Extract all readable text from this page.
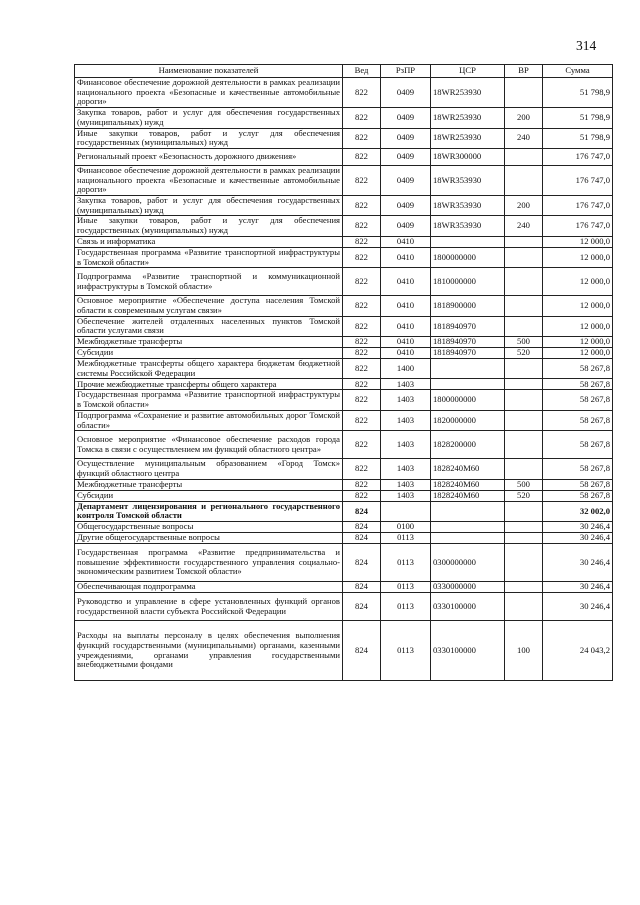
314
Наименование показателей	Вед	РзПР	ЦСР	ВР	Сумма
Финансовое обеспечение дорожной деятельности в рамках реализации национального проекта «Безопасные и качественные автомобильные дороги»	822	0409	18WR253930		51 798,9
Закупка товаров, работ и услуг для обеспечения государственных (муниципальных) нужд	822	0409	18WR253930	200	51 798,9
Иные закупки товаров, работ и услуг для обеспечения государственных (муниципальных) нужд	822	0409	18WR253930	240	51 798,9
Региональный проект «Безопасность дорожного движения»	822	0409	18WR300000		176 747,0
Финансовое обеспечение дорожной деятельности в рамках реализации национального проекта «Безопасные и качественные автомобильные дороги»	822	0409	18WR353930		176 747,0
Закупка товаров, работ и услуг для обеспечения государственных (муниципальных) нужд	822	0409	18WR353930	200	176 747,0
Иные закупки товаров, работ и услуг для обеспечения государственных (муниципальных) нужд	822	0409	18WR353930	240	176 747,0
Связь и информатика	822	0410			12 000,0
Государственная программа «Развитие транспортной инфраструктуры в Томской области»	822	0410	1800000000		12 000,0
Подпрограмма «Развитие транспортной и коммуникационной инфраструктуры в Томской области»	822	0410	1810000000		12 000,0
Основное мероприятие «Обеспечение доступа населения Томской области к современным услугам связи»	822	0410	1818900000		12 000,0
Обеспечение жителей отдаленных населенных пунктов Томской области услугами связи	822	0410	1818940970		12 000,0
Межбюджетные трансферты	822	0410	1818940970	500	12 000,0
Субсидии	822	0410	1818940970	520	12 000,0
Межбюджетные трансферты общего характера бюджетам бюджетной системы Российской Федерации	822	1400			58 267,8
Прочие межбюджетные трансферты общего характера	822	1403			58 267,8
Государственная программа «Развитие транспортной инфраструктуры в Томской области»	822	1403	1800000000		58 267,8
Подпрограмма «Сохранение и развитие автомобильных дорог Томской области»	822	1403	1820000000		58 267,8
Основное мероприятие «Финансовое обеспечение расходов города Томска в связи с осуществлением им функций областного центра»	822	1403	1828200000		58 267,8
Осуществление муниципальным образованием «Город Томск» функций областного центра	822	1403	1828240M60		58 267,8
Межбюджетные трансферты	822	1403	1828240M60	500	58 267,8
Субсидии	822	1403	1828240M60	520	58 267,8
Департамент лицензирования и регионального государственного контроля Томской области	824				32 002,0
Общегосударственные вопросы	824	0100			30 246,4
Другие общегосударственные вопросы	824	0113			30 246,4
Государственная программа «Развитие предпринимательства и повышение эффективности государственного управления социально-экономическим развитием Томской области»	824	0113	0300000000		30 246,4
Обеспечивающая подпрограмма	824	0113	0330000000		30 246,4
Руководство и управление в сфере установленных функций органов государственной власти субъекта Российской Федерации	824	0113	0330100000		30 246,4
Расходы на выплаты персоналу в целях обеспечения выполнения функций государственными (муниципальными) органами, казенными учреждениями, органами управления государственными внебюджетными фондами	824	0113	0330100000	100	24 043,2
